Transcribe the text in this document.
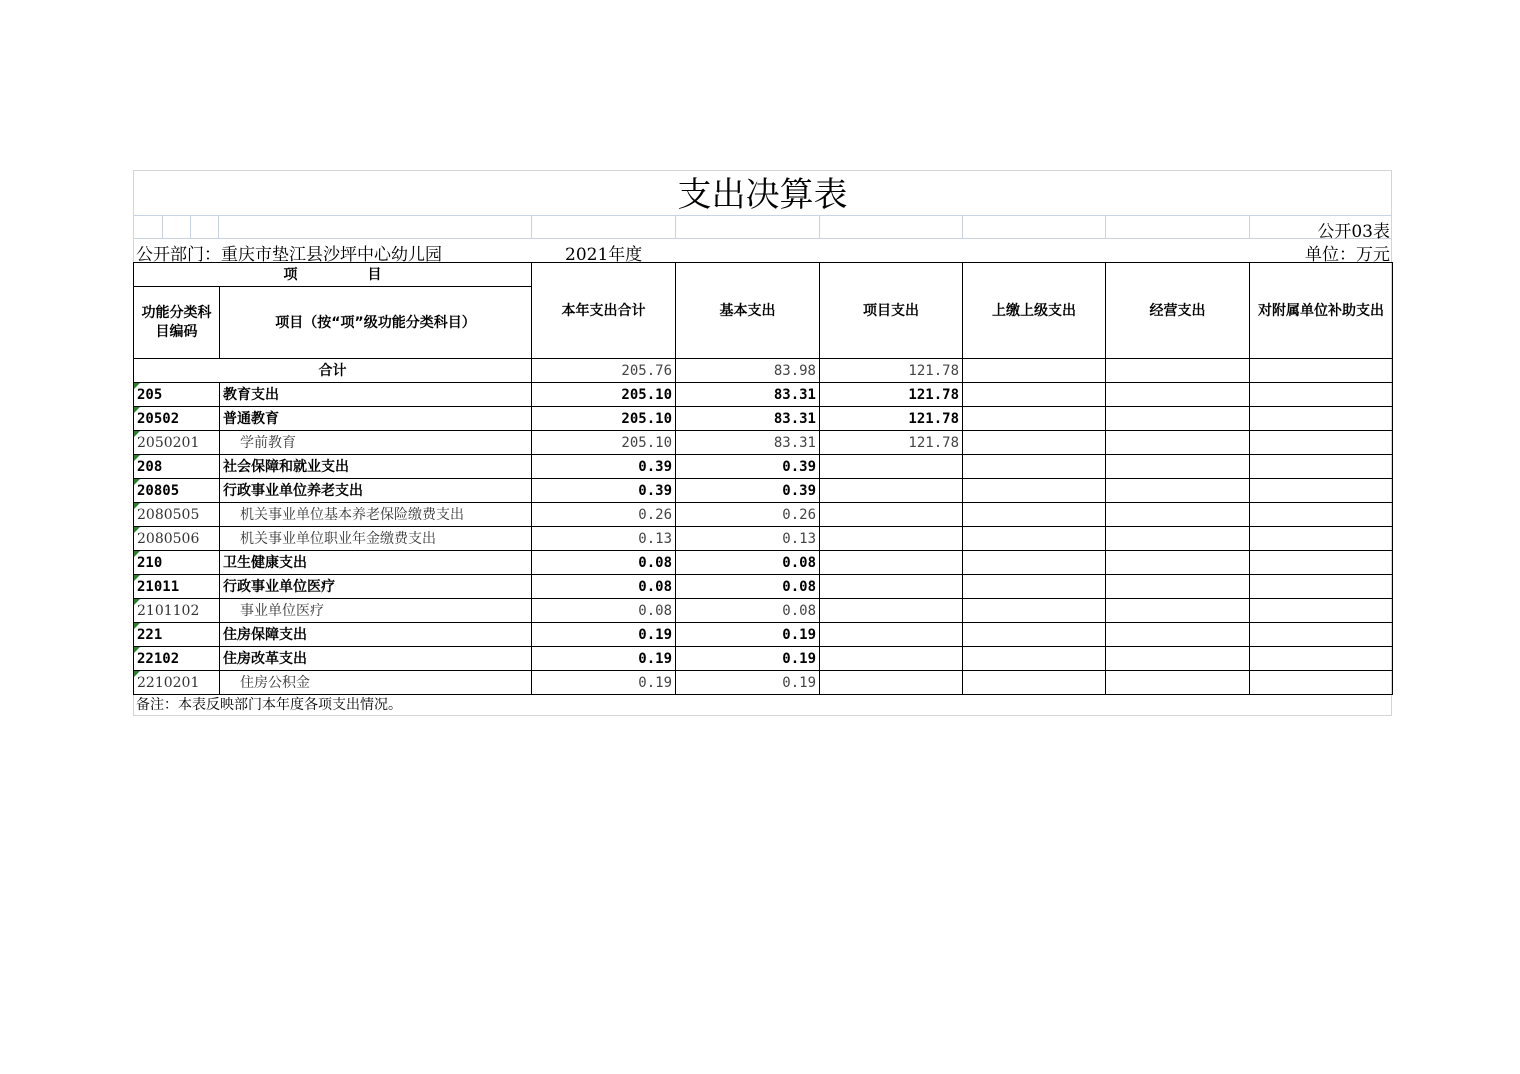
支出决算表
公开03表
公开部门：重庆市垫江县沙坪中心幼儿园	2021年度	单位：万元
项　　　　　目		本年支出合计	基本支出	项目支出	上缴上级支出	经营支出	对附属单位补助支出
功能分类科目编码	项目（按“项”级功能分类科目）						
合计		205.76	83.98	121.78			

205	教育支出	205.10	83.31	121.78			

20502	普通教育	205.10	83.31	121.78			

2050201	学前教育	205.10	83.31	121.78			

208	社会保障和就业支出	0.39	0.39				

20805	行政事业单位养老支出	0.39	0.39				

2080505	机关事业单位基本养老保险缴费支出	0.26	0.26				

2080506	机关事业单位职业年金缴费支出	0.13	0.13				

210	卫生健康支出	0.08	0.08				

21011	行政事业单位医疗	0.08	0.08				

2101102	事业单位医疗	0.08	0.08				

221	住房保障支出	0.19	0.19				

22102	住房改革支出	0.19	0.19				

2210201	住房公积金	0.19	0.19				
备注：本表反映部门本年度各项支出情况。
